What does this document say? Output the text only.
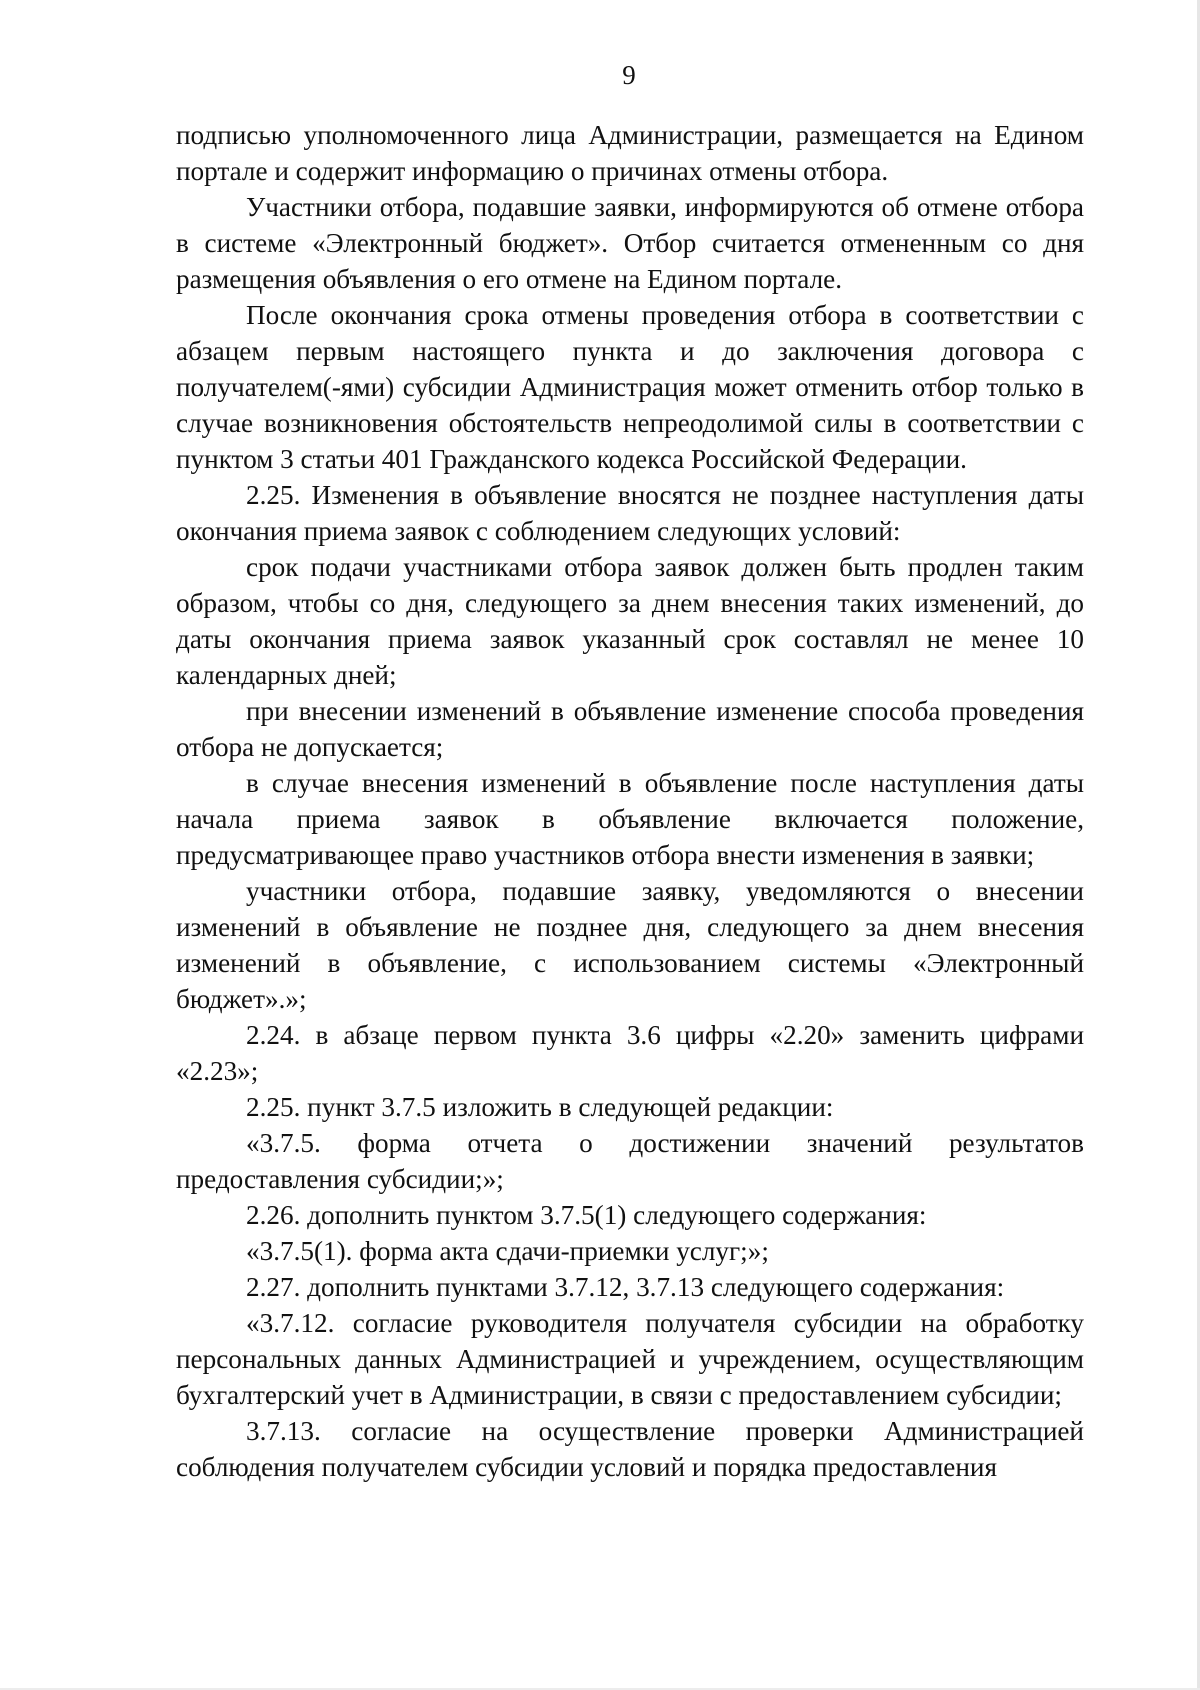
9

подписью уполномоченного лица Администрации, размещается на Едином портале и содержит информацию о причинах отмены отбора.

Участники отбора, подавшие заявки, информируются об отмене отбора в системе «Электронный бюджет». Отбор считается отмененным со дня размещения объявления о его отмене на Едином портале.

После окончания срока отмены проведения отбора в соответствии с абзацем первым настоящего пункта и до заключения договора с получателем(-ями) субсидии Администрация может отменить отбор только в случае возникновения обстоятельств непреодолимой силы в соответствии с пунктом 3 статьи 401 Гражданского кодекса Российской Федерации.

2.25. Изменения в объявление вносятся не позднее наступления даты окончания приема заявок с соблюдением следующих условий:

срок подачи участниками отбора заявок должен быть продлен таким образом, чтобы со дня, следующего за днем внесения таких изменений, до даты окончания приема заявок указанный срок составлял не менее 10 календарных дней;

при внесении изменений в объявление изменение способа проведения отбора не допускается;

в случае внесения изменений в объявление после наступления даты начала приема заявок в объявление включается положение, предусматривающее право участников отбора внести изменения в заявки;

участники отбора, подавшие заявку, уведомляются о внесении изменений в объявление не позднее дня, следующего за днем внесения изменений в объявление, с использованием системы «Электронный бюджет».»;

2.24. в абзаце первом пункта 3.6 цифры «2.20» заменить цифрами «2.23»;

2.25. пункт 3.7.5 изложить в следующей редакции:

«3.7.5. форма отчета о достижении значений результатов предоставления субсидии;»;

2.26. дополнить пунктом 3.7.5(1) следующего содержания:

«3.7.5(1). форма акта сдачи-приемки услуг;»;

2.27. дополнить пунктами 3.7.12, 3.7.13 следующего содержания:

«3.7.12. согласие руководителя получателя субсидии на обработку персональных данных Администрацией и учреждением, осуществляющим бухгалтерский учет в Администрации, в связи с предоставлением субсидии;

3.7.13. согласие на осуществление проверки Администрацией соблюдения получателем субсидии условий и порядка предоставления
